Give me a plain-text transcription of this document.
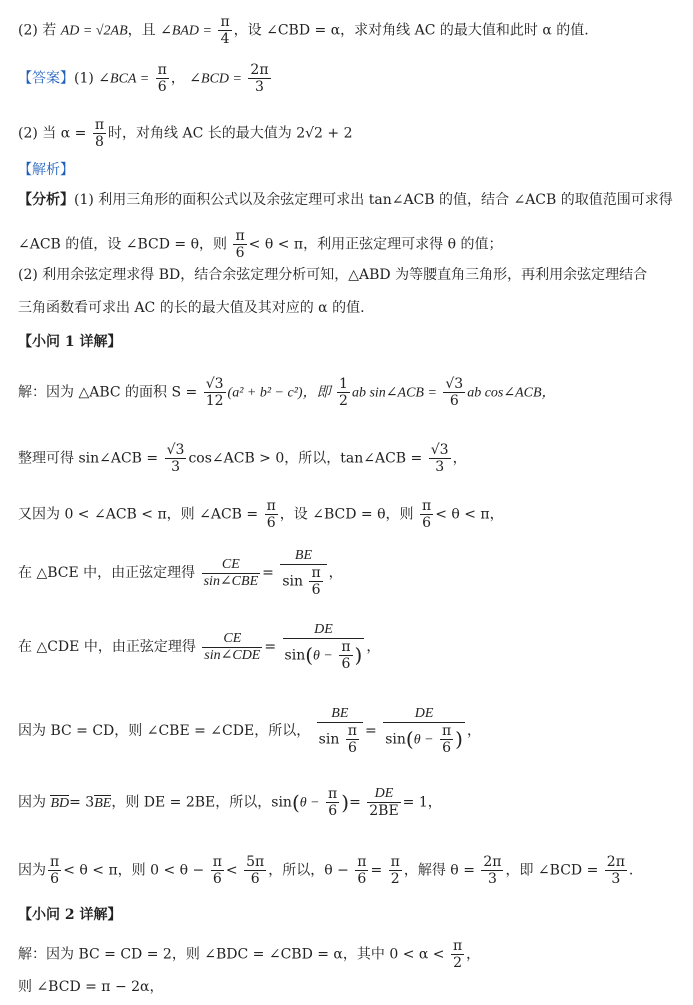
(2) 若 AD = √2AB，且 ∠BAD = $\frac{\pi}{4}$ ，设 ∠CBD = α，求对角线 AC 的最大值和此时 α 的值.
【答案】(1) ∠BCA = $\frac{\pi}{6}$ ， ∠BCD = $\frac{2\pi}{3}$
(2) 当 $\alpha = \frac{\pi}{8}$ 时，对角线 AC 长的最大值为 2√2 + 2
【解析】
【分析】(1) 利用三角形的面积公式以及余弦定理可求出 tan∠ACB 的值，结合 ∠ACB 的取值范围可求得
∠ACB 的值，设 ∠BCD = θ，则 $\frac{\pi}{6} < \theta < \pi$，利用正弦定理可求得 θ 的值；
(2) 利用余弦定理求得 BD，结合余弦定理分析可知，△ABD 为等腰直角三角形，再利用余弦定理结合
三角函数看可求出 AC 的长的最大值及其对应的 α 的值.
【小问 1 详解】
解：因为 △ABC 的面积 $S = \frac{√3}{12} (a^2 + b^2 - c^2)$，即 $\frac{1}{2}$ ab sin∠ACB = $\frac{√3}{6}$ ab cos∠ACB，
整理可得 sin∠ACB = $\frac{√3}{3}$ cos∠ACB > 0，所以，tan∠ACB = $\frac{√3}{3}$ ，
又因为 0 < ∠ACB < π，则 ∠ACB = $\frac{\pi}{6}$ ，设 ∠BCD = θ，则 $\frac{\pi}{6} < \theta < \pi$，
在 △BCE 中，由正弦定理得 $\frac{CE}{\text{sin∠CBE}} = \frac{BE}{\sin \frac{\pi}{6}}$ ，
在 △CDE 中，由正弦定理得 $\frac{CE}{\text{sin∠CDE}} = \frac{DE}{\sin(\theta - \frac{\pi}{6} )}$ ，
因为 BC = CD，则 ∠CBE = ∠CDE，所以， $\frac{BE}{\sin \frac{\pi}{6}} = \frac{DE}{\sin(\theta - \frac{\pi}{6} )}$ ，
因为 BD= 3BE，则 DE = 2BE，所以，$\sin(\theta - \frac{\pi}{6}$ )= $\frac{DE}{2BE} = 1$，
因为 $\frac{\pi}{6} < \theta < \pi$，则 $0 < \theta - \frac{\pi}{6} < \frac{5\pi}{6}$ ，所以，$\theta - \frac{\pi}{6} = \frac{\pi}{2}$ ，解得 $\theta = \frac{2\pi}{3}$ ，即 ∠BCD = $\frac{2\pi}{3}$ .
【小问 2 详解】
解：因为 BC = CD = 2，则 ∠BDC = ∠CBD = α，其中 $0 < \alpha < \frac{\pi}{2}$ ，
则 ∠BCD = π − 2α，
